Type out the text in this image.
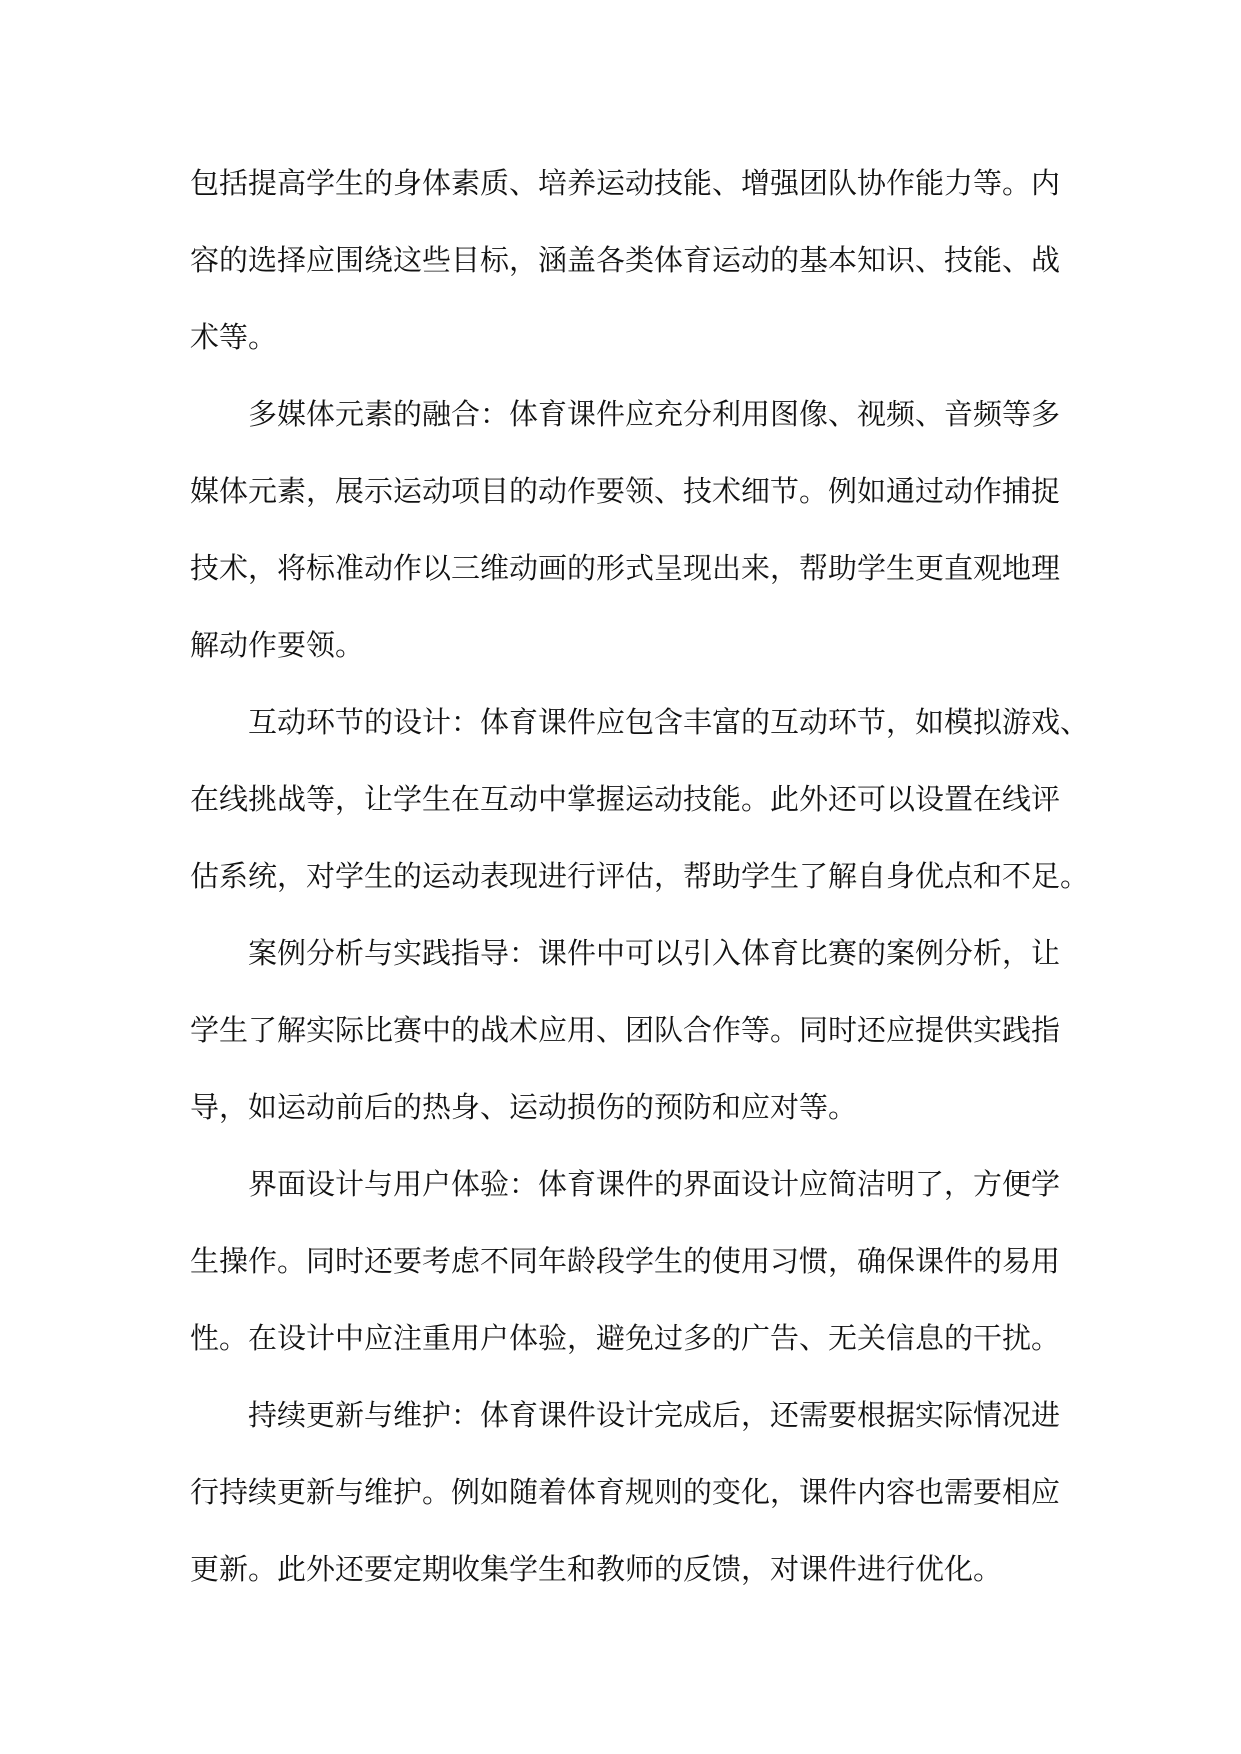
包括提高学生的身体素质、培养运动技能、增强团队协作能力等。内
容的选择应围绕这些目标，涵盖各类体育运动的基本知识、技能、战
术等。
多媒体元素的融合：体育课件应充分利用图像、视频、音频等多
媒体元素，展示运动项目的动作要领、技术细节。例如通过动作捕捉
技术，将标准动作以三维动画的形式呈现出来，帮助学生更直观地理
解动作要领。
互动环节的设计：体育课件应包含丰富的互动环节，如模拟游戏、
在线挑战等，让学生在互动中掌握运动技能。此外还可以设置在线评
估系统，对学生的运动表现进行评估，帮助学生了解自身优点和不足。
案例分析与实践指导：课件中可以引入体育比赛的案例分析，让
学生了解实际比赛中的战术应用、团队合作等。同时还应提供实践指
导，如运动前后的热身、运动损伤的预防和应对等。
界面设计与用户体验：体育课件的界面设计应简洁明了，方便学
生操作。同时还要考虑不同年龄段学生的使用习惯，确保课件的易用
性。在设计中应注重用户体验，避免过多的广告、无关信息的干扰。
持续更新与维护：体育课件设计完成后，还需要根据实际情况进
行持续更新与维护。例如随着体育规则的变化，课件内容也需要相应
更新。此外还要定期收集学生和教师的反馈，对课件进行优化。
